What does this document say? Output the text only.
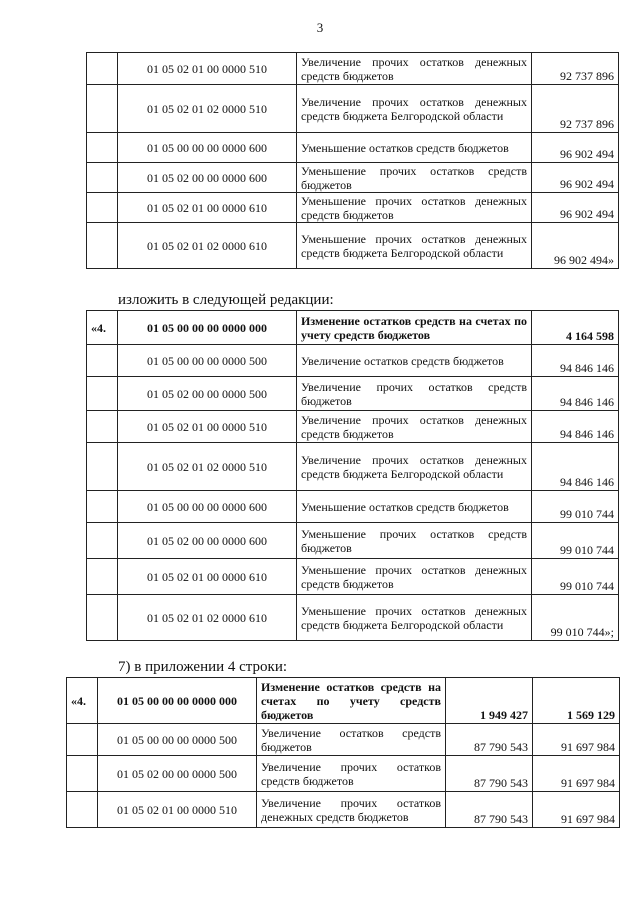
3
	01 05 02 01 00 0000 510	Увеличение прочих остатков денежных средств бюджетов	92 737 896
	01 05 02 01 02 0000 510	Увеличение прочих остатков денежных средств бюджета Белгородской области	92 737 896
	01 05 00 00 00 0000 600	Уменьшение остатков средств бюджетов	96 902 494
	01 05 02 00 00 0000 600	Уменьшение прочих остатков средств бюджетов	96 902 494
	01 05 02 01 00 0000 610	Уменьшение прочих остатков денежных средств бюджетов	96 902 494
	01 05 02 01 02 0000 610	Уменьшение прочих остатков денежных средств бюджета Белгородской области	96 902 494»
изложить в следующей редакции:
«4.	01 05 00 00 00 0000 000	Изменение остатков средств на счетах по учету средств бюджетов	4 164 598
	01 05 00 00 00 0000 500	Увеличение остатков средств бюджетов	94 846 146
	01 05 02 00 00 0000 500	Увеличение прочих остатков средств бюджетов	94 846 146
	01 05 02 01 00 0000 510	Увеличение прочих остатков денежных средств бюджетов	94 846 146
	01 05 02 01 02 0000 510	Увеличение прочих остатков денежных средств бюджета Белгородской области	94 846 146
	01 05 00 00 00 0000 600	Уменьшение остатков средств бюджетов	99 010 744
	01 05 02 00 00 0000 600	Уменьшение прочих остатков средств бюджетов	99 010 744
	01 05 02 01 00 0000 610	Уменьшение прочих остатков денежных средств бюджетов	99 010 744
	01 05 02 01 02 0000 610	Уменьшение прочих остатков денежных средств бюджета Белгородской области	99 010 744»;
7) в приложении 4 строки:
«4.	01 05 00 00 00 0000 000	Изменение остатков средств на счетах по учету средств бюджетов	1 949 427	1 569 129
	01 05 00 00 00 0000 500	Увеличение остатков средств бюджетов	87 790 543	91 697 984
	01 05 02 00 00 0000 500	Увеличение прочих остатков средств бюджетов	87 790 543	91 697 984
	01 05 02 01 00 0000 510	Увеличение прочих остатков денежных средств бюджетов	87 790 543	91 697 984
